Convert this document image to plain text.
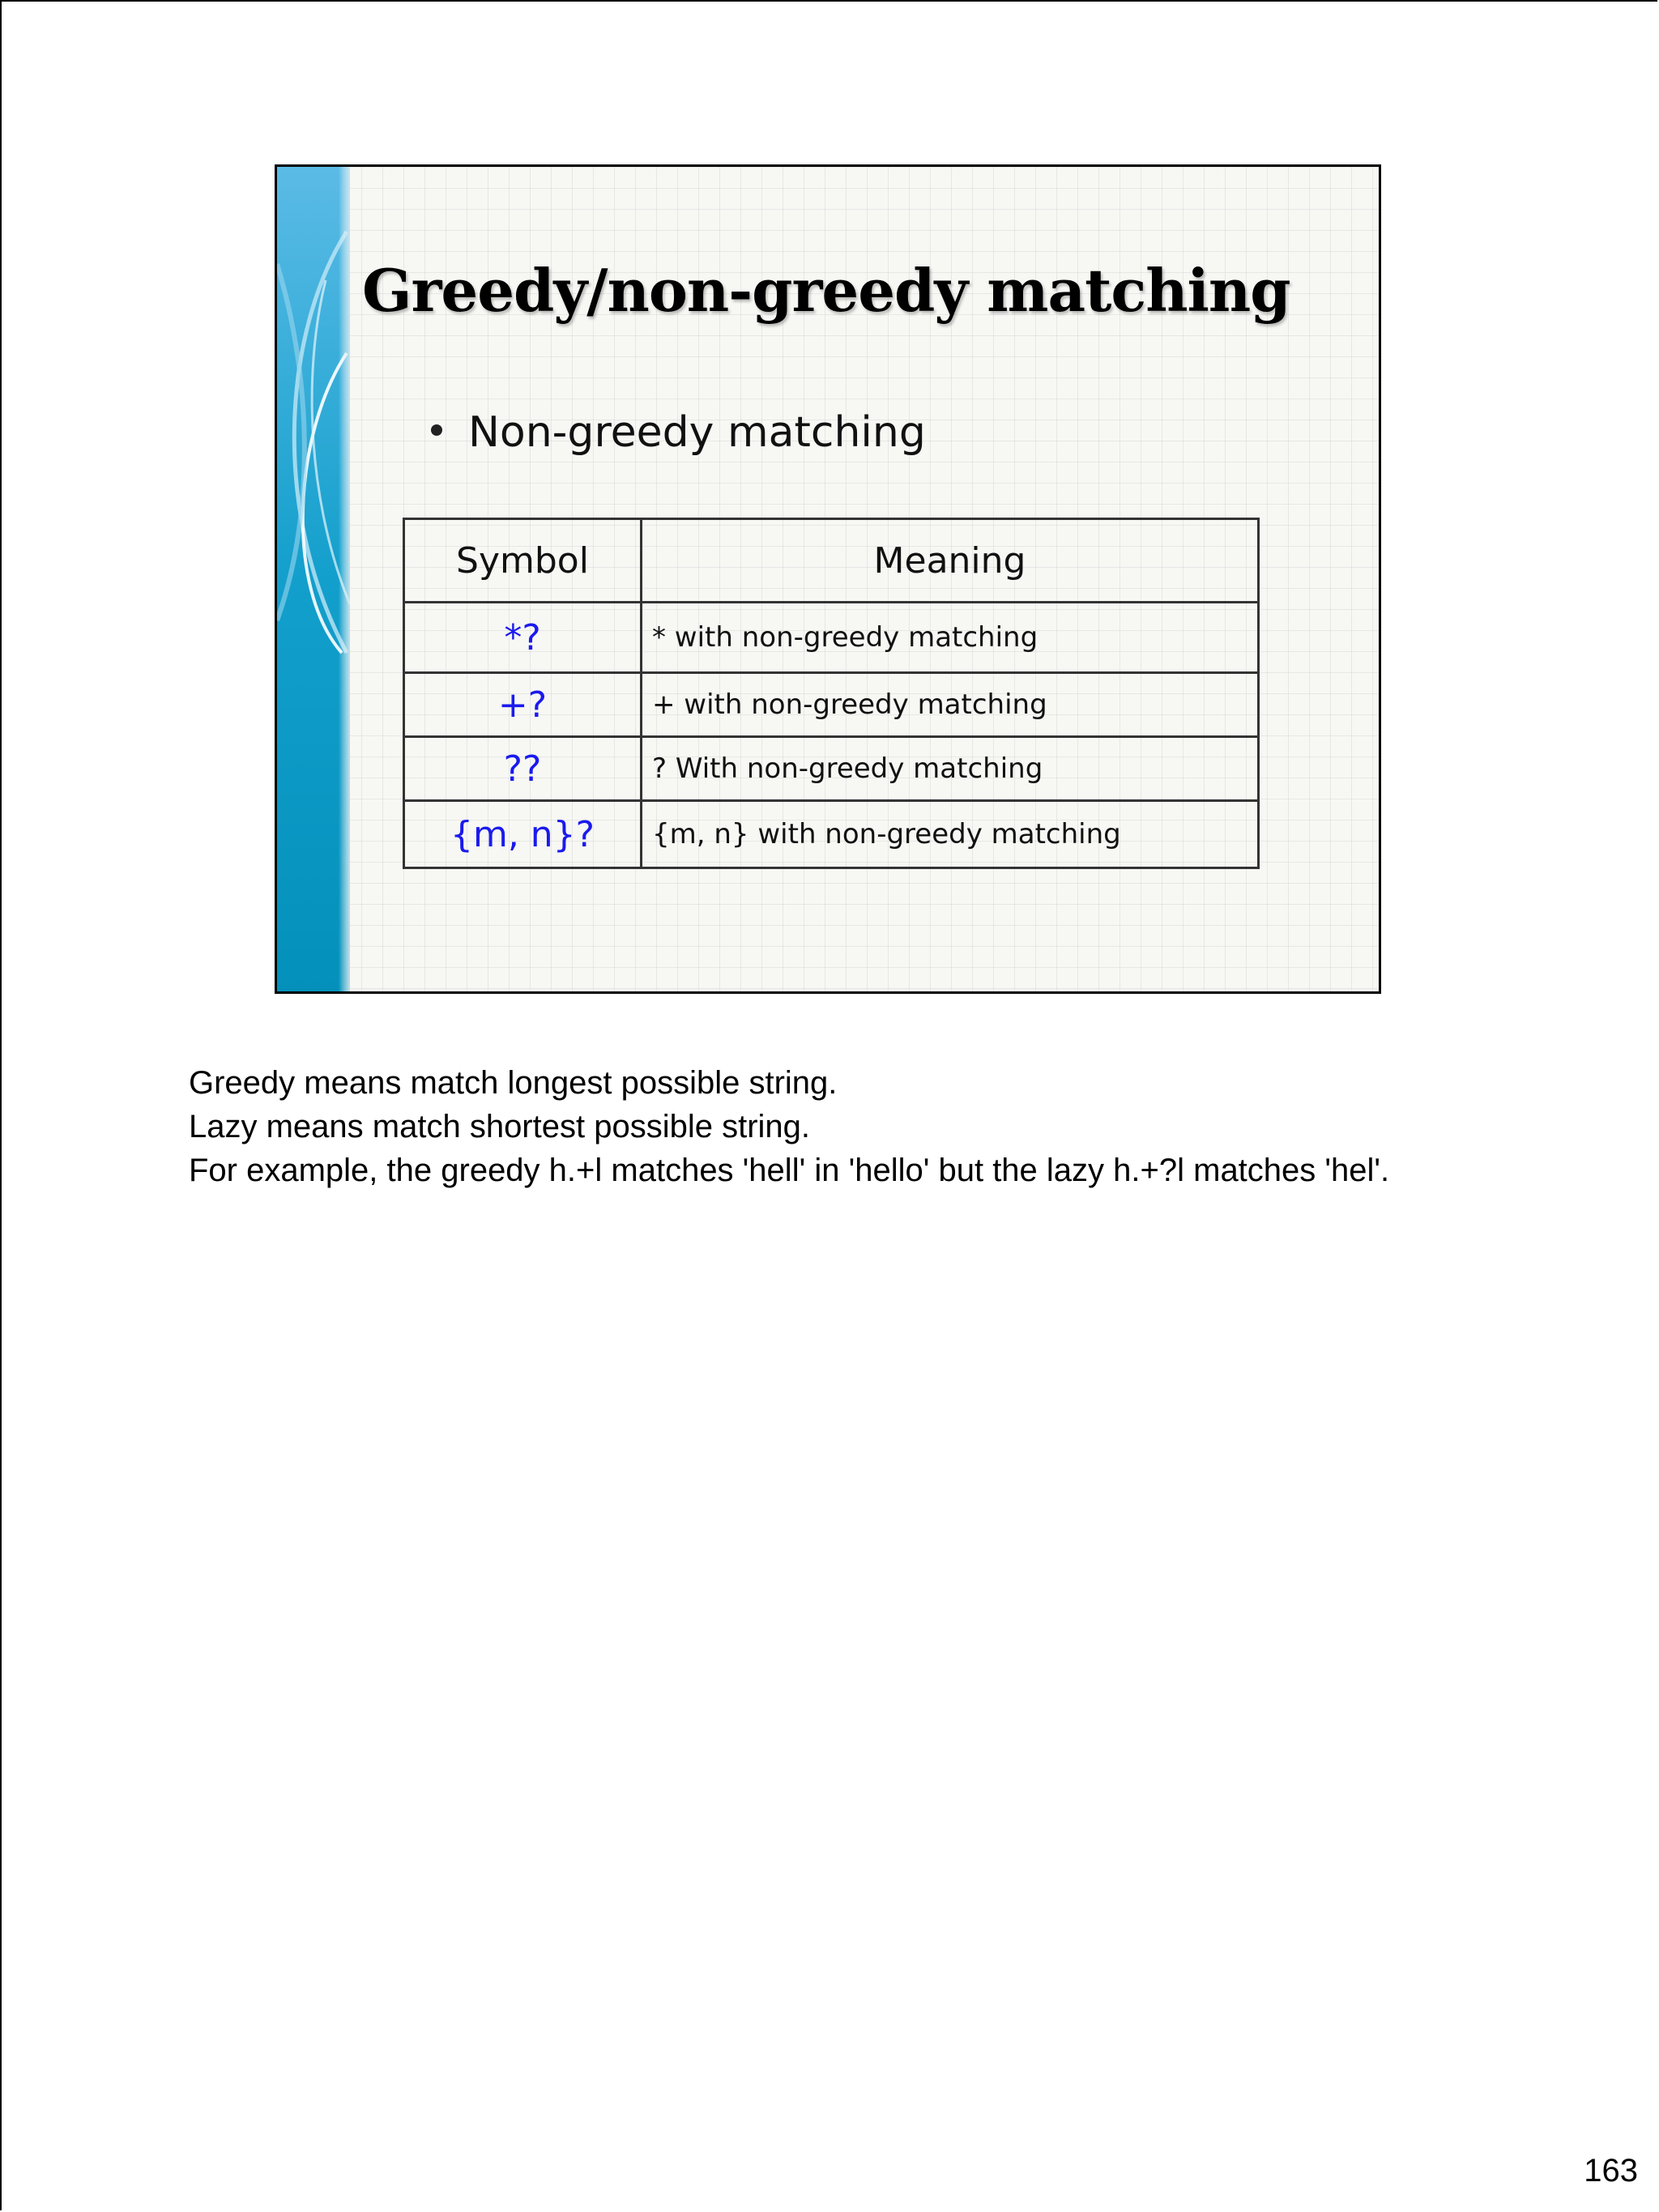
Greedy/non-greedy matching
Non-greedy matching
Symbol	Meaning
*?	* with non-greedy matching
+?	+ with non-greedy matching
??	? With non-greedy matching
{m, n}?	{m, n} with non-greedy matching
Greedy means match longest possible string.
Lazy means match shortest possible string.
For example, the greedy h.+l matches 'hell' in 'hello' but the lazy h.+?l matches 'hel'.
163
